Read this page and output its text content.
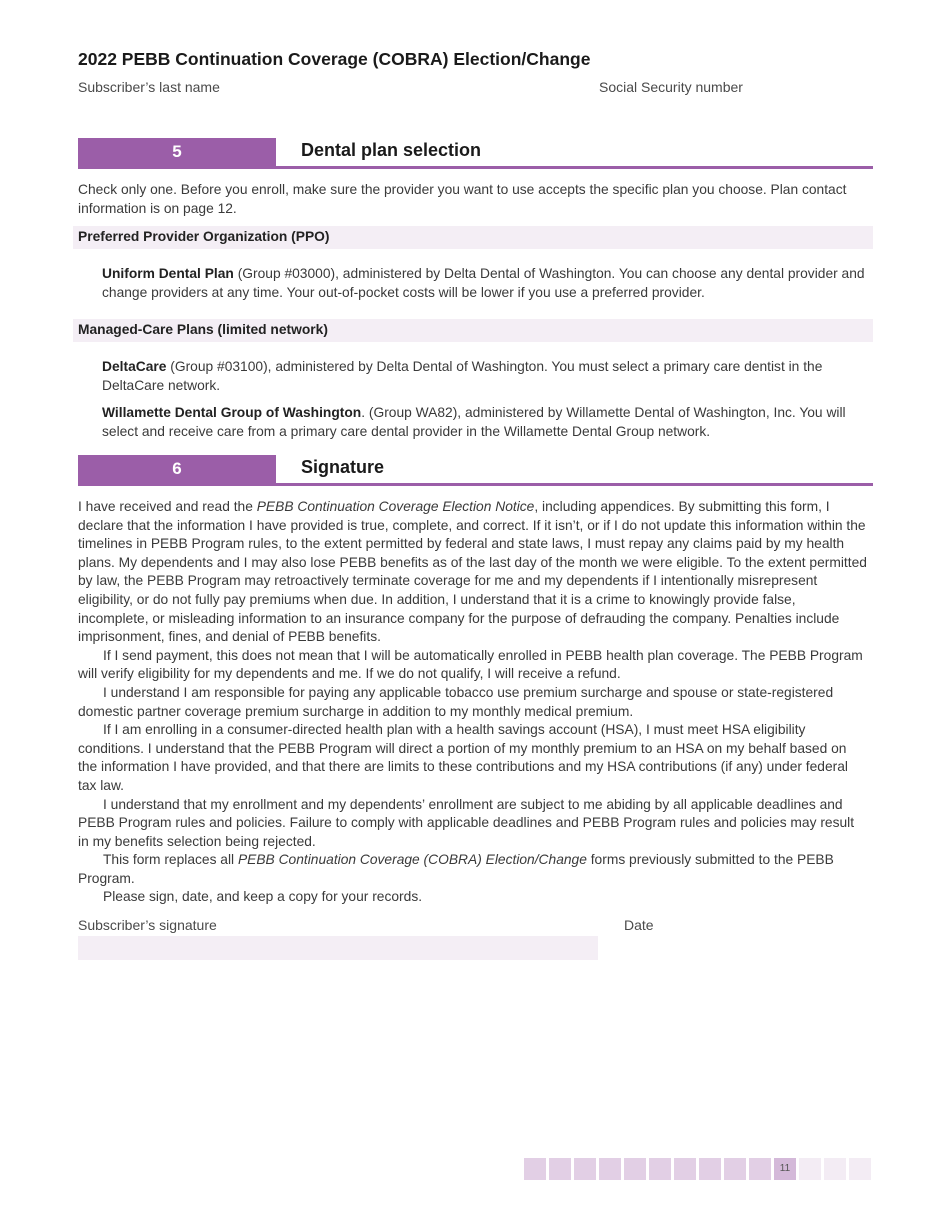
2022 PEBB Continuation Coverage (COBRA) Election/Change
Subscriber’s last name	Social Security number
5	Dental plan selection
Check only one. Before you enroll, make sure the provider you want to use accepts the specific plan you choose. Plan contact information is on page 12.
Preferred Provider Organization (PPO)
Uniform Dental Plan (Group #03000), administered by Delta Dental of Washington. You can choose any dental provider and change providers at any time. Your out-of-pocket costs will be lower if you use a preferred provider.
Managed-Care Plans (limited network)
DeltaCare (Group #03100), administered by Delta Dental of Washington. You must select a primary care dentist in the DeltaCare network.
Willamette Dental Group of Washington. (Group WA82), administered by Willamette Dental of Washington, Inc. You will select and receive care from a primary care dental provider in the Willamette Dental Group network.
6	Signature
I have received and read the PEBB Continuation Coverage Election Notice, including appendices. By submitting this form, I declare that the information I have provided is true, complete, and correct. If it isn’t, or if I do not update this information within the timelines in PEBB Program rules, to the extent permitted by federal and state laws, I must repay any claims paid by my health plans. My dependents and I may also lose PEBB benefits as of the last day of the month we were eligible. To the extent permitted by law, the PEBB Program may retroactively terminate coverage for me and my dependents if I intentionally misrepresent eligibility, or do not fully pay premiums when due. In addition, I understand that it is a crime to knowingly provide false, incomplete, or misleading information to an insurance company for the purpose of defrauding the company. Penalties include imprisonment, fines, and denial of PEBB benefits.
If I send payment, this does not mean that I will be automatically enrolled in PEBB health plan coverage. The PEBB Program will verify eligibility for my dependents and me. If we do not qualify, I will receive a refund.
I understand I am responsible for paying any applicable tobacco use premium surcharge and spouse or state-registered domestic partner coverage premium surcharge in addition to my monthly medical premium.
If I am enrolling in a consumer-directed health plan with a health savings account (HSA), I must meet HSA eligibility conditions. I understand that the PEBB Program will direct a portion of my monthly premium to an HSA on my behalf based on the information I have provided, and that there are limits to these contributions and my HSA contributions (if any) under federal tax law.
I understand that my enrollment and my dependents’ enrollment are subject to me abiding by all applicable deadlines and PEBB Program rules and policies. Failure to comply with applicable deadlines and PEBB Program rules and policies may result in my benefits selection being rejected.
This form replaces all PEBB Continuation Coverage (COBRA) Election/Change forms previously submitted to the PEBB Program.
Please sign, date, and keep a copy for your records.
Subscriber’s signature	Date
11
